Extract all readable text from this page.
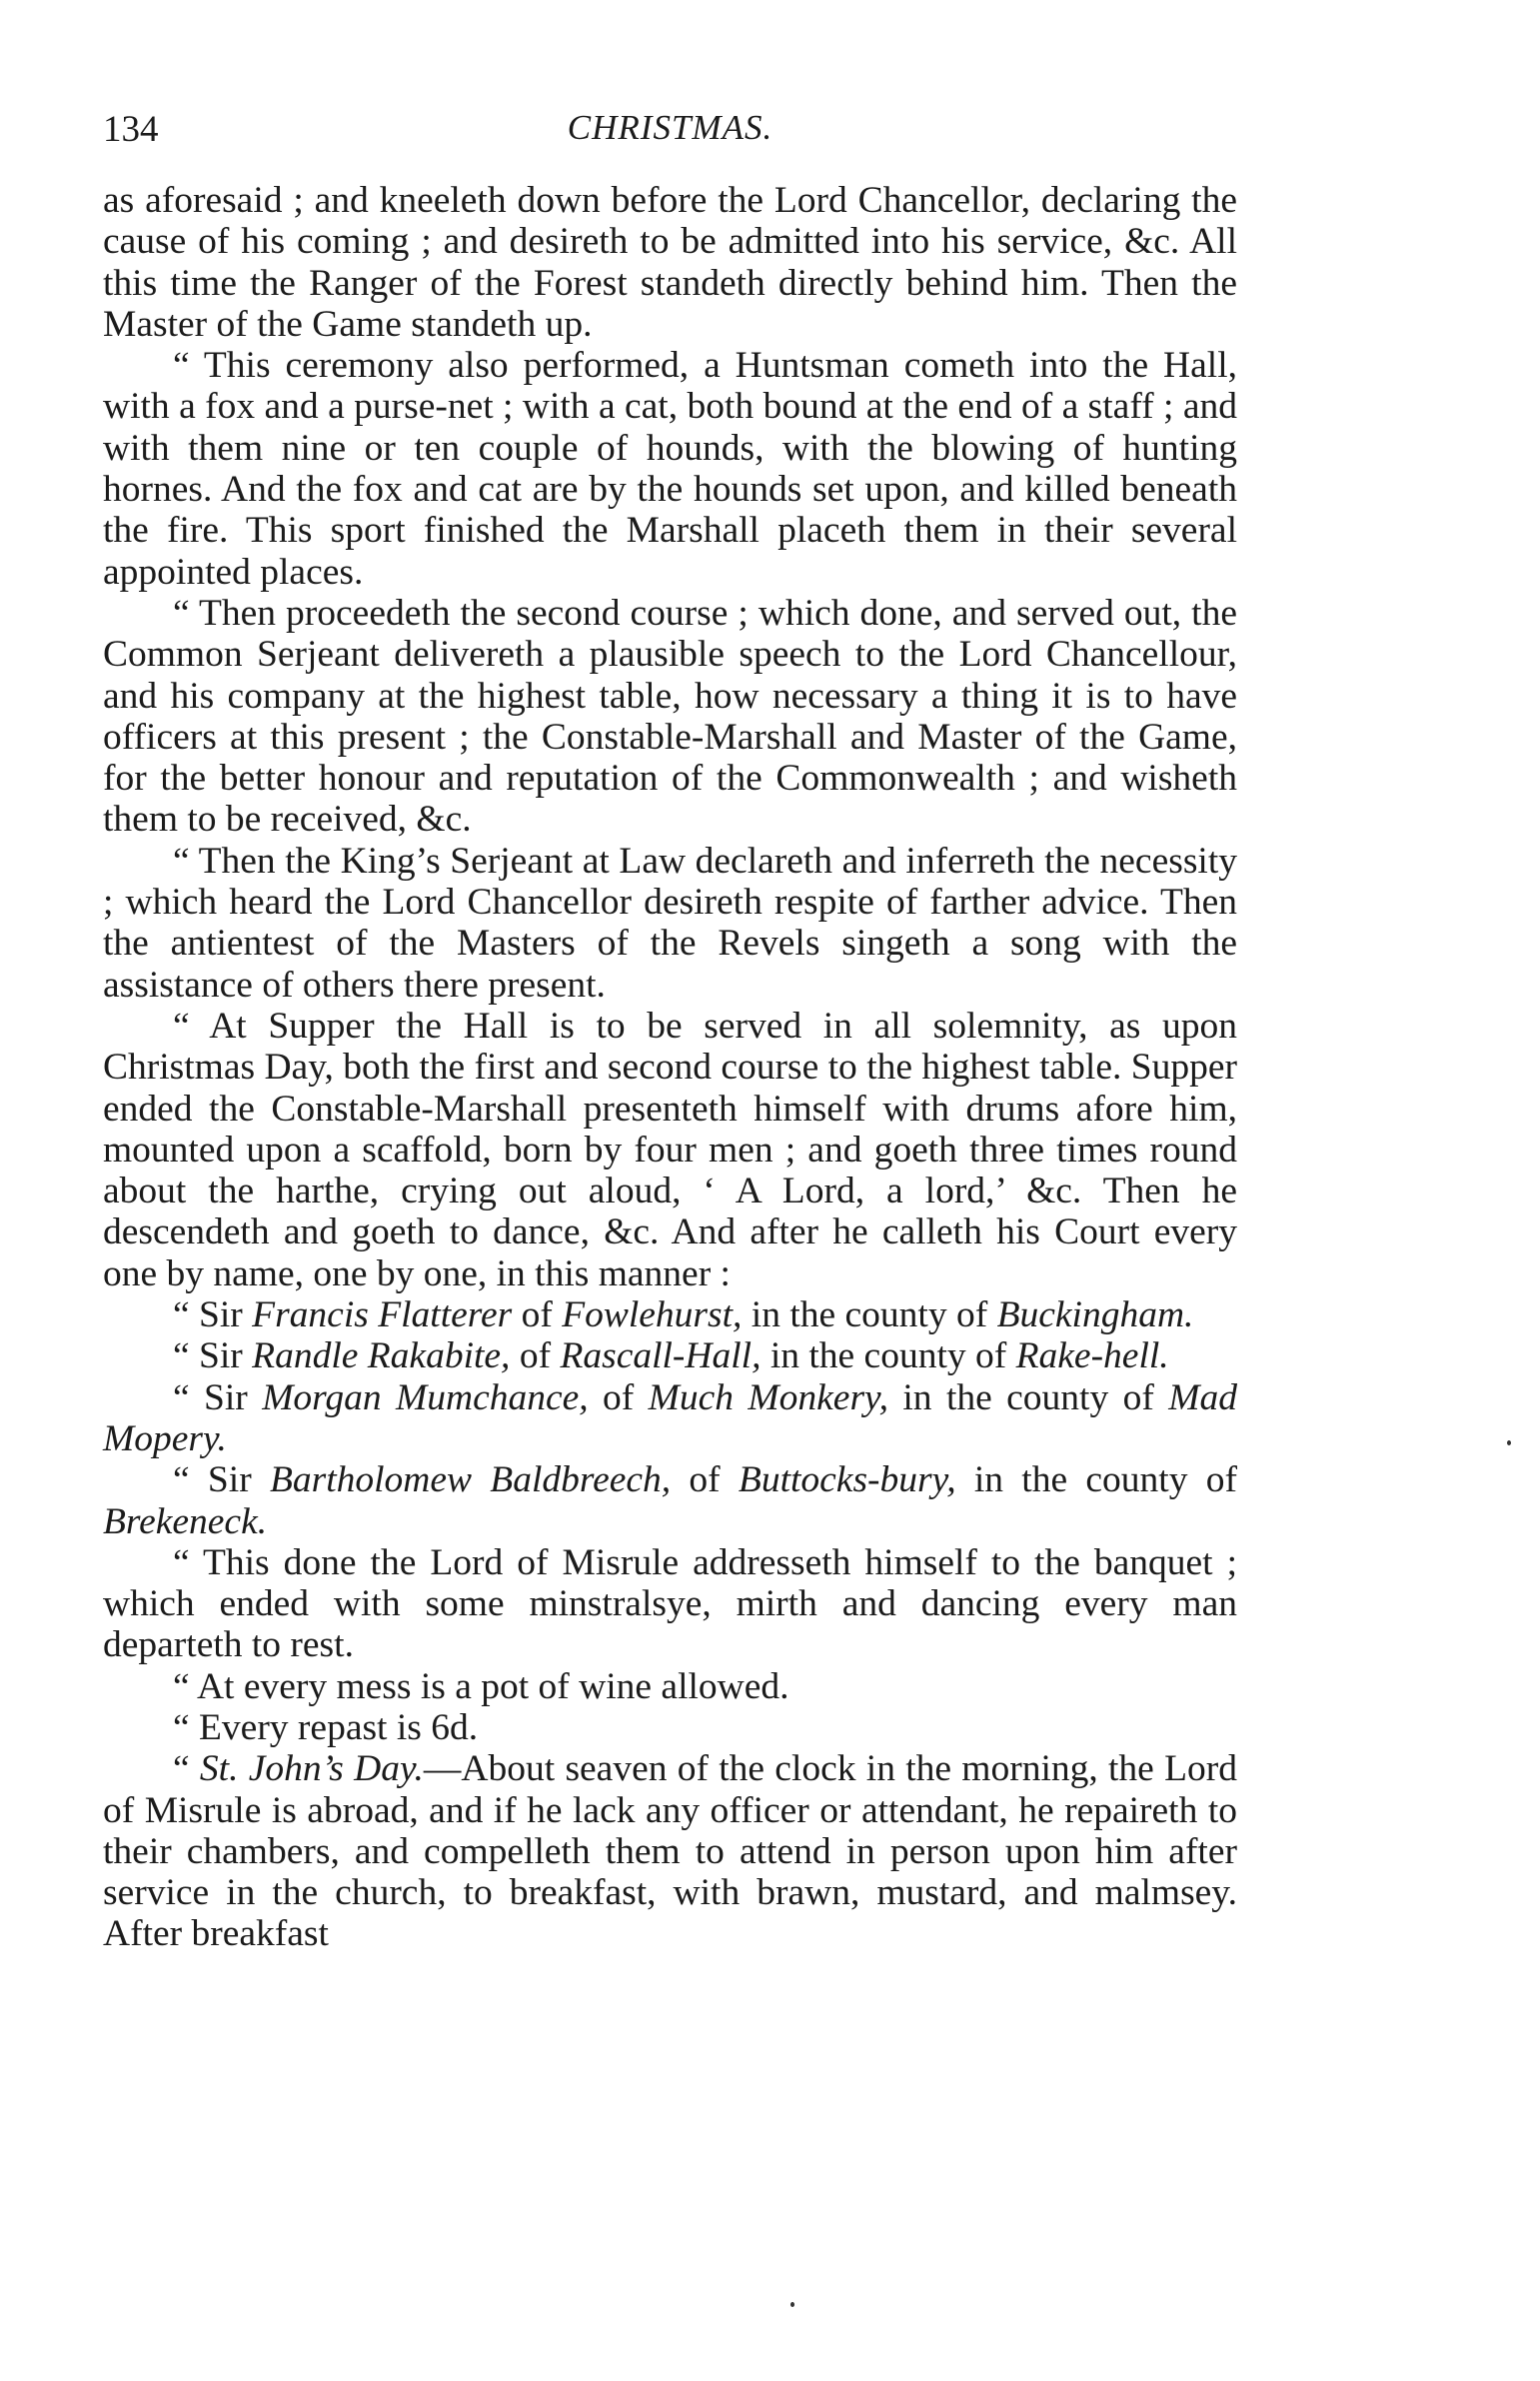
134	CHRISTMAS.

as aforesaid ; and kneeleth down before the Lord Chancellor, declaring the cause of his coming ; and desireth to be admitted into his service, &c. All this time the Ranger of the Forest standeth directly behind him. Then the Master of the Game standeth up.

“ This ceremony also performed, a Huntsman cometh into the Hall, with a fox and a purse-net ; with a cat, both bound at the end of a staff ; and with them nine or ten couple of hounds, with the blowing of hunting hornes. And the fox and cat are by the hounds set upon, and killed beneath the fire. This sport finished the Marshall placeth them in their several appointed places.

“ Then proceedeth the second course ; which done, and served out, the Common Serjeant delivereth a plausible speech to the Lord Chancellour, and his company at the highest table, how necessary a thing it is to have officers at this present ; the Constable-Marshall and Master of the Game, for the better honour and reputation of the Commonwealth ; and wisheth them to be received, &c.

“ Then the King’s Serjeant at Law declareth and inferreth the necessity ; which heard the Lord Chancellor desireth respite of farther advice. Then the antientest of the Masters of the Revels singeth a song with the assistance of others there present.

“ At Supper the Hall is to be served in all solemnity, as upon Christmas Day, both the first and second course to the highest table. Supper ended the Constable-Marshall presenteth himself with drums afore him, mounted upon a scaffold, born by four men ; and goeth three times round about the harthe, crying out aloud, ‘ A Lord, a lord,’ &c. Then he descendeth and goeth to dance, &c. And after he calleth his Court every one by name, one by one, in this manner :

“ Sir Francis Flatterer of Fowlehurst, in the county of Buckingham.

“ Sir Randle Rakabite, of Rascall-Hall, in the county of Rake-hell.

“ Sir Morgan Mumchance, of Much Monkery, in the county of Mad Mopery.

“ Sir Bartholomew Baldbreech, of Buttocks-bury, in the county of Brekeneck.

“ This done the Lord of Misrule addresseth himself to the banquet ; which ended with some minstralsye, mirth and dancing every man departeth to rest.

“ At every mess is a pot of wine allowed.

“ Every repast is 6d.

“ St. John’s Day.—About seaven of the clock in the morning, the Lord of Misrule is abroad, and if he lack any officer or attendant, he repaireth to their chambers, and compelleth them to attend in person upon him after service in the church, to breakfast, with brawn, mustard, and malmsey. After breakfast
